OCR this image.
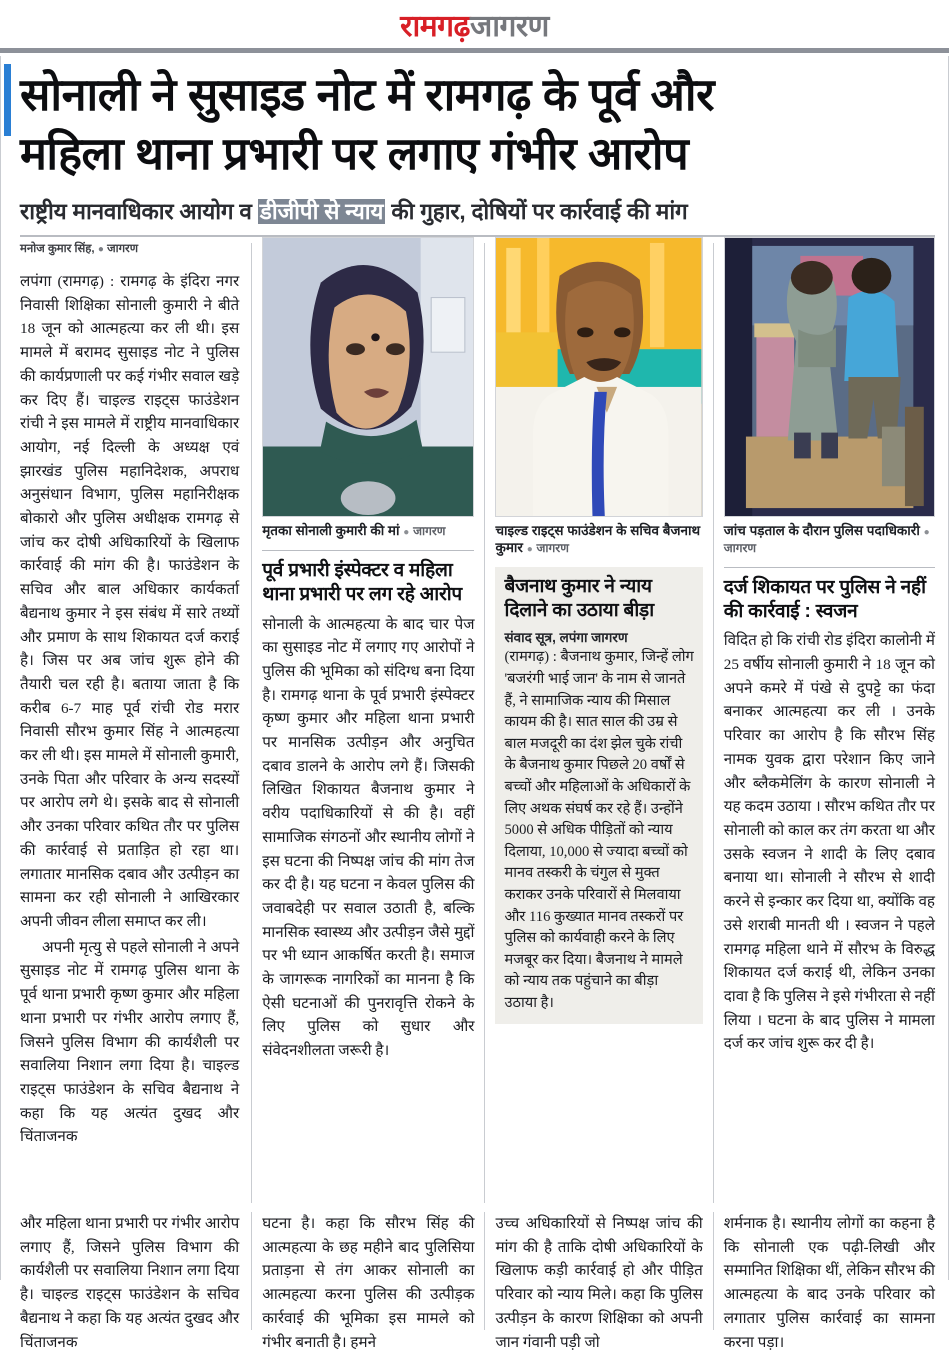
रामगढ़ जागरण
सोनाली ने सुसाइड नोट में रामगढ़ के पूर्व और
महिला थाना प्रभारी पर लगाए गंभीर आरोप
राष्ट्रीय मानवाधिकार आयोग व डीजीपी से न्याय की गुहार, दोषियों पर कार्रवाई की मांग
मनोज कुमार सिंह, ● जागरण

लपंगा (रामगढ़) : रामगढ़ के इंदिरा नगर निवासी शिक्षिका सोनाली कुमारी ने बीते 18 जून को आत्महत्या कर ली थी। इस मामले में बरामद सुसाइड नोट ने पुलिस की कार्यप्रणाली पर कई गंभीर सवाल खड़े कर दिए हैं। चाइल्ड राइट्स फाउंडेशन रांची ने इस मामले में राष्ट्रीय मानवाधिकार आयोग, नई दिल्ली के अध्यक्ष एवं झारखंड पुलिस महानिदेशक, अपराध अनुसंधान विभाग, पुलिस महानिरीक्षक बोकारो और पुलिस अधीक्षक रामगढ़ से जांच कर दोषी अधिकारियों के खिलाफ कार्रवाई की मांग की है। फाउंडेशन के सचिव और बाल अधिकार कार्यकर्ता बैद्यनाथ कुमार ने इस संबंध में सारे तथ्यों और प्रमाण के साथ शिकायत दर्ज कराई है। जिस पर अब जांच शुरू होने की तैयारी चल रही है। बताया जाता है कि करीब 6-7 माह पूर्व रांची रोड मरार निवासी सौरभ कुमार सिंह ने आत्महत्या कर ली थी। इस मामले में सोनाली कुमारी, उनके पिता और परिवार के अन्य सदस्यों पर आरोप लगे थे। इसके बाद से सोनाली और उनका परिवार कथित तौर पर पुलिस की कार्रवाई से प्रताड़ित हो रहा था। लगातार मानसिक दबाव और उत्पीड़न का सामना कर रही सोनाली ने आखिरकार अपनी जीवन लीला समाप्त कर ली।

अपनी मृत्यु से पहले सोनाली ने अपने सुसाइड नोट में रामगढ़ पुलिस थाना के पूर्व थाना प्रभारी कृष्ण कुमार और महिला थाना प्रभारी पर गंभीर आरोप लगाए हैं, जिसने पुलिस विभाग की कार्यशैली पर सवालिया निशान लगा दिया है। चाइल्ड राइट्स फाउंडेशन के सचिव बैद्यनाथ ने कहा कि यह अत्यंत दुखद और चिंताजनक

मृतका सोनाली कुमारी की मां ● जागरण
पूर्व प्रभारी इंस्पेक्टर व महिला थाना प्रभारी पर लग रहे आरोप

सोनाली के आत्महत्या के बाद चार पेज का सुसाइड नोट में लगाए गए आरोपों ने पुलिस की भूमिका को संदिग्ध बना दिया है। रामगढ़ थाना के पूर्व प्रभारी इंस्पेक्टर कृष्ण कुमार और महिला थाना प्रभारी पर मानसिक उत्पीड़न और अनुचित दबाव डालने के आरोप लगे हैं। जिसकी लिखित शिकायत बैजनाथ कुमार ने वरीय पदाधिकारियों से की है। वहीं सामाजिक संगठनों और स्थानीय लोगों ने इस घटना की निष्पक्ष जांच की मांग तेज कर दी है। यह घटना न केवल पुलिस की जवाबदेही पर सवाल उठाती है, बल्कि मानसिक स्वास्थ्य और उत्पीड़न जैसे मुद्दों पर भी ध्यान आकर्षित करती है। समाज के जागरूक नागरिकों का मानना है कि ऐसी घटनाओं की पुनरावृत्ति रोकने के लिए पुलिस को सुधार और संवेदनशीलता जरूरी है।

चाइल्ड राइट्स फाउंडेशन के सचिव बैजनाथ कुमार ● जागरण
बैजनाथ कुमार ने न्याय दिलाने का उठाया बीड़ा
संवाद सूत्र, लपंगा जागरण

(रामगढ़) : बैजनाथ कुमार, जिन्हें लोग 'बजरंगी भाई जान' के नाम से जानते हैं, ने सामाजिक न्याय की मिसाल कायम की है। सात साल की उम्र से बाल मजदूरी का दंश झेल चुके रांची के बैजनाथ कुमार पिछले 20 वर्षों से बच्चों और महिलाओं के अधिकारों के लिए अथक संघर्ष कर रहे हैं। उन्होंने 5000 से अधिक पीड़ितों को न्याय दिलाया, 10,000 से ज्यादा बच्चों को मानव तस्करी के चंगुल से मुक्त कराकर उनके परिवारों से मिलवाया और 116 कुख्यात मानव तस्करों पर पुलिस को कार्यवाही करने के लिए मजबूर कर दिया। बैजनाथ ने मामले को न्याय तक पहुंचाने का बीड़ा उठाया है।

जांच पड़ताल के दौरान पुलिस पदाधिकारी ● जागरण
दर्ज शिकायत पर पुलिस ने नहीं की कार्रवाई : स्वजन

विदित हो कि रांची रोड इंदिरा कालोनी में 25 वर्षीय सोनाली कुमारी ने 18 जून को अपने कमरे में पंखे से दुपट्टे का फंदा बनाकर आत्महत्या कर ली । उनके परिवार का आरोप है कि सौरभ सिंह नामक युवक द्वारा परेशान किए जाने और ब्लैकमेलिंग के कारण सोनाली ने यह कदम उठाया । सौरभ कथित तौर पर सोनाली को काल कर तंग करता था और उसके स्वजन ने शादी के लिए दबाव बनाया था। सोनाली ने सौरभ से शादी करने से इन्कार कर दिया था, क्योंकि वह उसे शराबी मानती थी । स्वजन ने पहले रामगढ़ महिला थाने में सौरभ के विरुद्ध शिकायत दर्ज कराई थी, लेकिन उनका दावा है कि पुलिस ने इसे गंभीरता से नहीं लिया । घटना के बाद पुलिस ने मामला दर्ज कर जांच शुरू कर दी है।

और महिला थाना प्रभारी पर गंभीर आरोप लगाए हैं, जिसने पुलिस विभाग की कार्यशैली पर सवालिया निशान लगा दिया है। चाइल्ड राइट्स फाउंडेशन के सचिव बैद्यनाथ ने कहा कि यह अत्यंत दुखद और चिंताजनक

घटना है। कहा कि सौरभ सिंह की आत्महत्या के छह महीने बाद पुलिसिया प्रताड़ना से तंग आकर सोनाली का आत्महत्या करना पुलिस की उत्पीड़क कार्रवाई की भूमिका इस मामले को गंभीर बनाती है। हमने

उच्च अधिकारियों से निष्पक्ष जांच की मांग की है ताकि दोषी अधिकारियों के खिलाफ कड़ी कार्रवाई हो और पीड़ित परिवार को न्याय मिले। कहा कि पुलिस उत्पीड़न के कारण शिक्षिका को अपनी जान गंवानी पड़ी जो

शर्मनाक है। स्थानीय लोगों का कहना है कि सोनाली एक पढ़ी-लिखी और सम्मानित शिक्षिका थीं, लेकिन सौरभ की आत्महत्या के बाद उनके परिवार को लगातार पुलिस कार्रवाई का सामना करना पड़ा।
